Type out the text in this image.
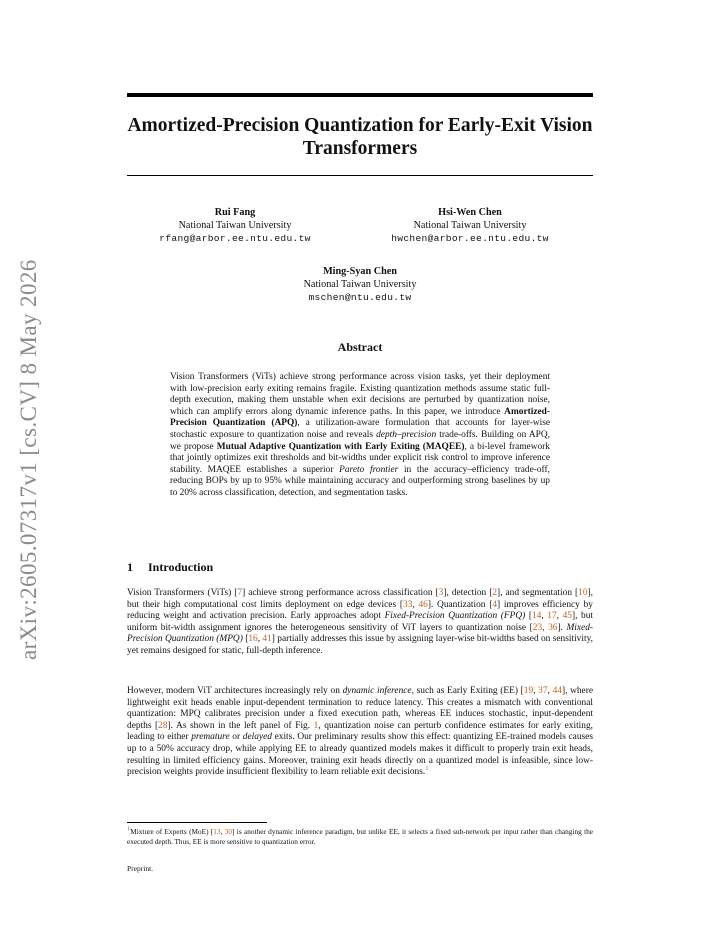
arXiv:2605.07317v1 [cs.CV] 8 May 2026
Amortized-Precision Quantization for Early-Exit Vision Transformers
Rui Fang
National Taiwan University
rfang@arbor.ee.ntu.edu.tw
Hsi-Wen Chen
National Taiwan University
hwchen@arbor.ee.ntu.edu.tw
Ming-Syan Chen
National Taiwan University
mschen@ntu.edu.tw
Abstract
Vision Transformers (ViTs) achieve strong performance across vision tasks, yet their deployment with low-precision early exiting remains fragile. Existing quantization methods assume static full-depth execution, making them unstable when exit decisions are perturbed by quantization noise, which can amplify errors along dynamic inference paths. In this paper, we introduce Amortized-Precision Quantization (APQ), a utilization-aware formulation that accounts for layer-wise stochastic exposure to quantization noise and reveals depth–precision trade-offs. Building on APQ, we propose Mutual Adaptive Quantization with Early Exiting (MAQEE), a bi-level framework that jointly optimizes exit thresholds and bit-widths under explicit risk control to improve inference stability. MAQEE establishes a superior Pareto frontier in the accuracy–efficiency trade-off, reducing BOPs by up to 95% while maintaining accuracy and outperforming strong baselines by up to 20% across classification, detection, and segmentation tasks.
1 Introduction
Vision Transformers (ViTs) [7] achieve strong performance across classification [3], detection [2], and segmentation [10], but their high computational cost limits deployment on edge devices [33, 46]. Quantization [4] improves efficiency by reducing weight and activation precision. Early approaches adopt Fixed-Precision Quantization (FPQ) [14, 17, 45], but uniform bit-width assignment ignores the heterogeneous sensitivity of ViT layers to quantization noise [23, 36]. Mixed-Precision Quantization (MPQ) [16, 41] partially addresses this issue by assigning layer-wise bit-widths based on sensitivity, yet remains designed for static, full-depth inference.
However, modern ViT architectures increasingly rely on dynamic inference, such as Early Exiting (EE) [19, 37, 44], where lightweight exit heads enable input-dependent termination to reduce latency. This creates a mismatch with conventional quantization: MPQ calibrates precision under a fixed execution path, whereas EE induces stochastic, input-dependent depths [28]. As shown in the left panel of Fig. 1, quantization noise can perturb confidence estimates for early exiting, leading to either premature or delayed exits. Our preliminary results show this effect: quantizing EE-trained models causes up to a 50% accuracy drop, while applying EE to already quantized models makes it difficult to properly train exit heads, resulting in limited efficiency gains. Moreover, training exit heads directly on a quantized model is infeasible, since low-precision weights provide insufficient flexibility to learn reliable exit decisions.$^1$
$^1$Mixture of Experts (MoE) [13, 30] is another dynamic inference paradigm, but unlike EE, it selects a fixed sub-network per input rather than changing the executed depth. Thus, EE is more sensitive to quantization error.
Preprint.
